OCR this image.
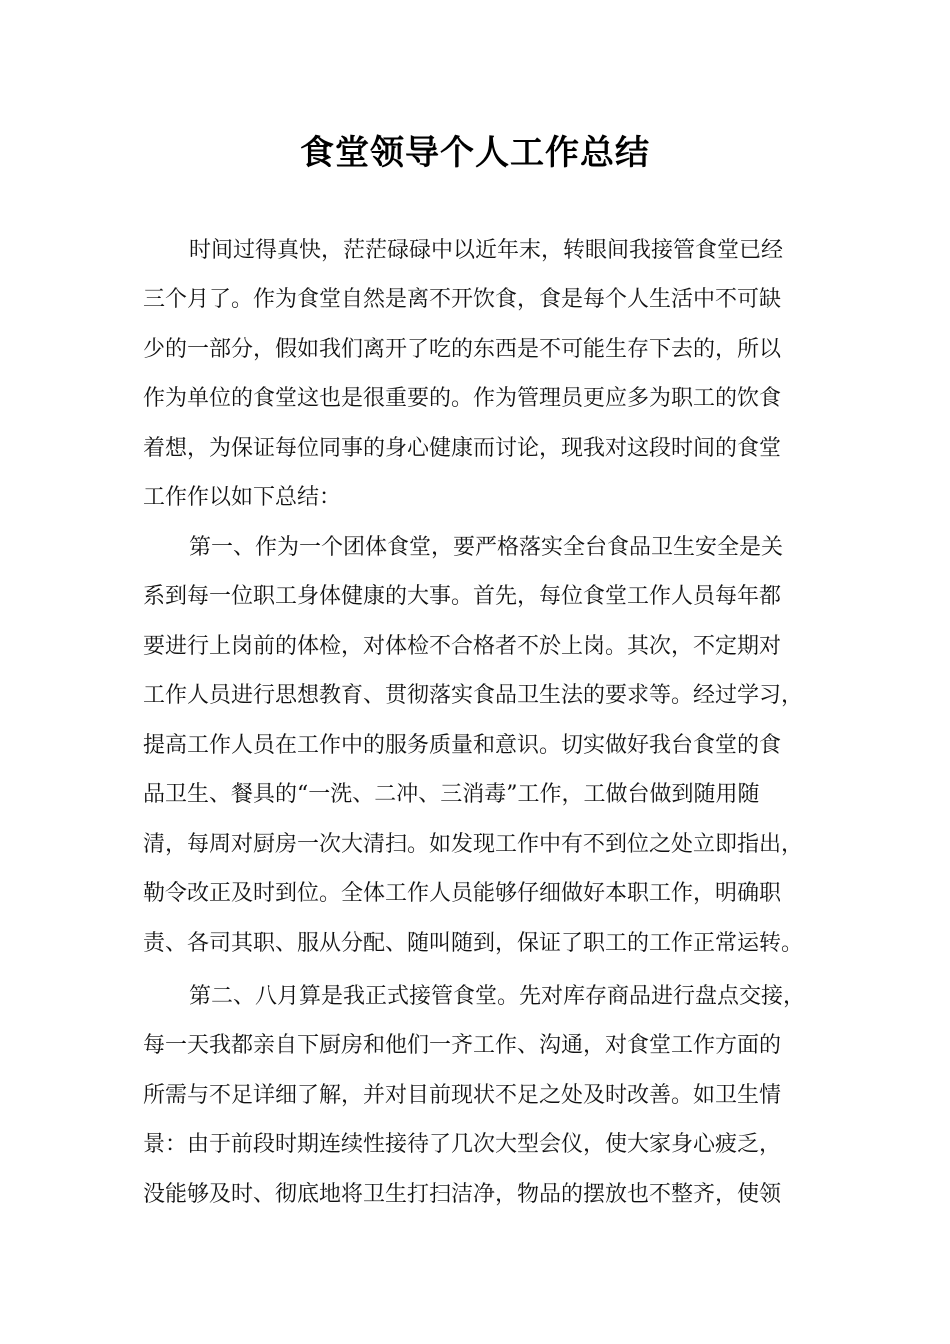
食堂领导个人工作总结

时间过得真快，茫茫碌碌中以近年末，转眼间我接管食堂已经

三个月了。作为食堂自然是离不开饮食，食是每个人生活中不可缺

少的一部分，假如我们离开了吃的东西是不可能生存下去的，所以

作为单位的食堂这也是很重要的。作为管理员更应多为职工的饮食

着想，为保证每位同事的身心健康而讨论，现我对这段时间的食堂

工作作以如下总结：

第一、作为一个团体食堂，要严格落实全台食品卫生安全是关

系到每一位职工身体健康的大事。首先，每位食堂工作人员每年都

要进行上岗前的体检，对体检不合格者不於上岗。其次，不定期对

工作人员进行思想教育、贯彻落实食品卫生法的要求等。经过学习，

提高工作人员在工作中的服务质量和意识。切实做好我台食堂的食

品卫生、餐具的“一洗、二冲、三消毒”工作，工做台做到随用随

清，每周对厨房一次大清扫。如发现工作中有不到位之处立即指出，

勒令改正及时到位。全体工作人员能够仔细做好本职工作，明确职

责、各司其职、服从分配、随叫随到，保证了职工的工作正常运转。

第二、八月算是我正式接管食堂。先对库存商品进行盘点交接，

每一天我都亲自下厨房和他们一齐工作、沟通，对食堂工作方面的

所需与不足详细了解，并对目前现状不足之处及时改善。如卫生情

景：由于前段时期连续性接待了几次大型会仪，使大家身心疲乏，

没能够及时、彻底地将卫生打扫洁净，物品的摆放也不整齐，使领
